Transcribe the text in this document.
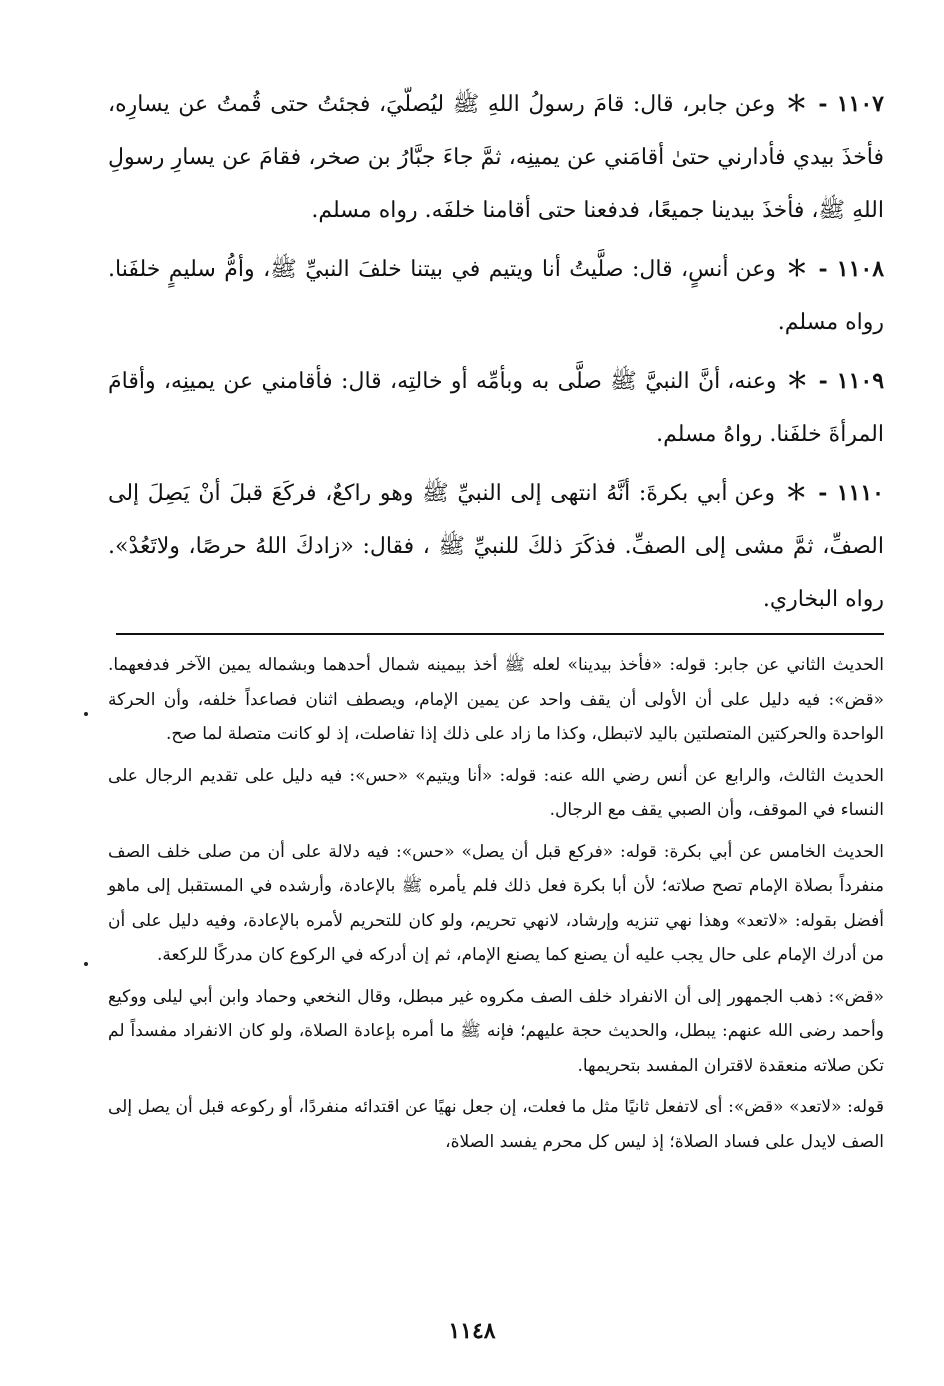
١١٠٧ - ＊ وعن جابر، قال: قامَ رسولُ اللهِ ﷺ ليُصلّيَ، فجئتُ حتى قُمتُ عن يسارِه، فأخذَ بيدي فأدارني حتىٰ أقامَني عن يمينِه، ثمَّ جاءَ جبَّارُ بن صخر، فقامَ عن يسارِ رسولِ اللهِ ﷺ، فأخذَ بيدينا جميعًا، فدفعنا حتى أقامنا خلفَه. رواه مسلم.

١١٠٨ - ＊ وعن أنسٍ، قال: صلَّيتُ أنا ويتيم في بيتنا خلفَ النبيِّ ﷺ، وأمُّ سليمٍ خلفَنا. رواه مسلم.

١١٠٩ - ＊ وعنه، أنَّ النبيَّ ﷺ صلَّى به وبأمِّه أو خالتِه، قال: فأقامني عن يمينِه، وأقامَ المرأةَ خلفَنا. رواهُ مسلم.

١١١٠ - ＊ وعن أبي بكرةَ: أنَّهُ انتهى إلى النبيِّ ﷺ وهو راكعٌ، فركَعَ قبلَ أنْ يَصِلَ إلى الصفِّ، ثمَّ مشى إلى الصفِّ. فذكَرَ ذلكَ للنبيِّ ﷺ ، فقال: «زادكَ اللهُ حرصًا، ولاتَعُدْ». رواه البخاري.

الحديث الثاني عن جابر: قوله: «فأخذ بيدينا» لعله ﷺ أخذ بيمينه شمال أحدهما وبشماله يمين الآخر فدفعهما. «قض»: فيه دليل على أن الأولى أن يقف واحد عن يمين الإمام، ويصطف اثنان فصاعداً خلفه، وأن الحركة الواحدة والحركتين المتصلتين باليد لاتبطل، وكذا ما زاد على ذلك إذا تفاصلت، إذ لو كانت متصلة لما صح.

الحديث الثالث، والرابع عن أنس رضي الله عنه: قوله: «أنا ويتيم» «حس»: فيه دليل على تقديم الرجال على النساء في الموقف، وأن الصبي يقف مع الرجال.

الحديث الخامس عن أبي بكرة: قوله: «فركع قبل أن يصل» «حس»: فيه دلالة على أن من صلى خلف الصف منفرداً بصلاة الإمام تصح صلاته؛ لأن أبا بكرة فعل ذلك فلم يأمره ﷺ بالإعادة، وأرشده في المستقبل إلى ماهو أفضل بقوله: «لاتعد» وهذا نهي تنزيه وإرشاد، لانهي تحريم، ولو كان للتحريم لأمره بالإعادة، وفيه دليل على أن من أدرك الإمام على حال يجب عليه أن يصنع كما يصنع الإمام، ثم إن أدركه في الركوع كان مدركًا للركعة.

«قض»: ذهب الجمهور إلى أن الانفراد خلف الصف مكروه غير مبطل، وقال النخعي وحماد وابن أبي ليلى ووكيع وأحمد رضى الله عنهم: يبطل، والحديث حجة عليهم؛ فإنه ﷺ ما أمره بإعادة الصلاة، ولو كان الانفراد مفسداً لم تكن صلاته منعقدة لاقتران المفسد بتحريمها.

قوله: «لاتعد» «قض»: أى لاتفعل ثانيًا مثل ما فعلت، إن جعل نهيًا عن اقتدائه منفردًا، أو ركوعه قبل أن يصل إلى الصف لايدل على فساد الصلاة؛ إذ ليس كل محرم يفسد الصلاة،

١١٤٨
